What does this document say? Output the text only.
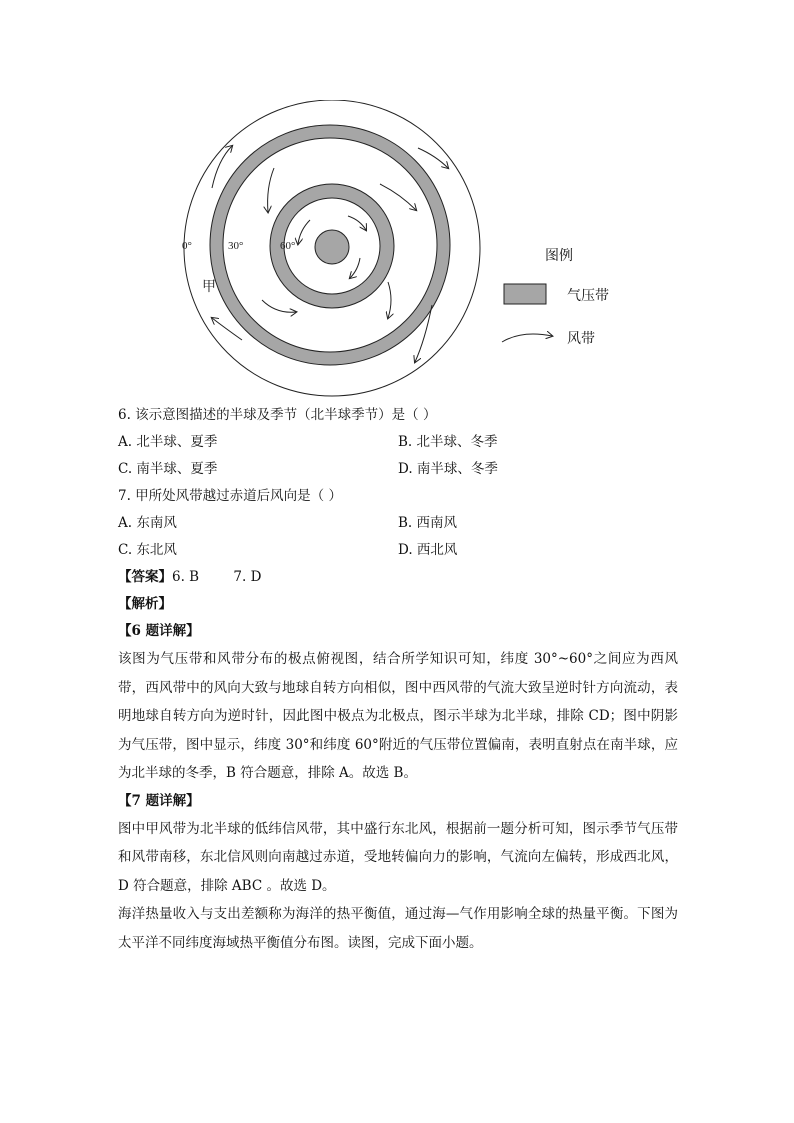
0°	30°	60°
甲
图例
气压带
风带
6. 该示意图描述的半球及季节（北半球季节）是（ ）
A. 北半球、夏季	B. 北半球、冬季
C. 南半球、夏季	D. 南半球、冬季
7. 甲所处风带越过赤道后风向是（ ）
A. 东南风	B. 西南风
C. 东北风	D. 西北风
【答案】6. B        7. D
【解析】
【6 题详解】
该图为气压带和风带分布的极点俯视图，结合所学知识可知，纬度 30°~60°之间应为西风带，西风带中的风向大致与地球自转方向相似，图中西风带的气流大致呈逆时针方向流动，表明地球自转方向为逆时针，因此图中极点为北极点，图示半球为北半球，排除 CD；图中阴影为气压带，图中显示，纬度 30°和纬度 60°附近的气压带位置偏南，表明直射点在南半球，应为北半球的冬季，B 符合题意，排除 A。故选 B。
【7 题详解】
图中甲风带为北半球的低纬信风带，其中盛行东北风，根据前一题分析可知，图示季节气压带和风带南移，东北信风则向南越过赤道，受地转偏向力的影响，气流向左偏转，形成西北风，D 符合题意，排除 ABC 。故选 D。
海洋热量收入与支出差额称为海洋的热平衡值，通过海—气作用影响全球的热量平衡。下图为太平洋不同纬度海域热平衡值分布图。读图，完成下面小题。
